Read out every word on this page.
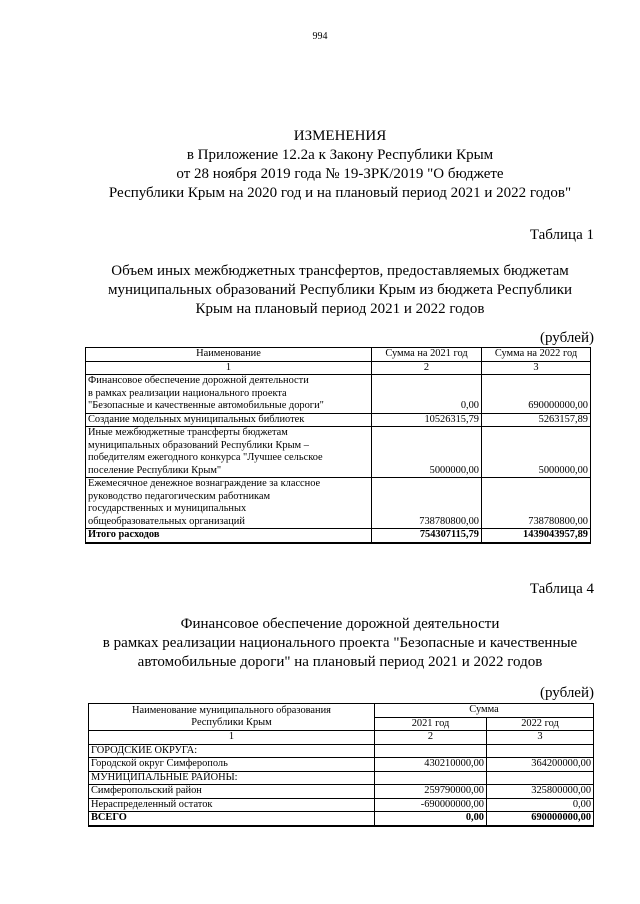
994
ИЗМЕНЕНИЯ
в Приложение 12.2а к Закону Республики Крым
от 28 ноября 2019 года № 19-ЗРК/2019 "О бюджете
Республики Крым на 2020 год и на плановый период 2021 и 2022 годов"
Таблица 1
Объем иных межбюджетных трансфертов, предоставляемых бюджетам
муниципальных образований Республики Крым из бюджета Республики
Крым на плановый период 2021 и 2022 годов
(рублей)
Наименование	Сумма на 2021 год	Сумма на 2022 год
1	2	3
Финансовое обеспечение дорожной деятельности
в рамках реализации национального проекта
"Безопасные и качественные автомобильные дороги"	0,00	690000000,00
Создание модельных муниципальных библиотек	10526315,79	5263157,89
Иные межбюджетные трансферты бюджетам
муниципальных образований Республики Крым –
победителям ежегодного конкурса "Лучшее сельское
поселение Республики Крым"	5000000,00	5000000,00
Ежемесячное денежное вознаграждение за классное
руководство педагогическим работникам
государственных и муниципальных
общеобразовательных организаций	738780800,00	738780800,00
Итого расходов	754307115,79	1439043957,89
Таблица 4
Финансовое обеспечение дорожной деятельности
в рамках реализации национального проекта "Безопасные и качественные
автомобильные дороги" на плановый период 2021 и 2022 годов
(рублей)
Наименование муниципального образования
Республики Крым	Сумма	
	2021 год	2022 год
1	2	3
ГОРОДСКИЕ ОКРУГА:		
Городской округ Симферополь	430210000,00	364200000,00
МУНИЦИПАЛЬНЫЕ РАЙОНЫ:		
Симферопольский район	259790000,00	325800000,00
Нераспределенный остаток	-690000000,00	0,00
ВСЕГО	0,00	690000000,00
